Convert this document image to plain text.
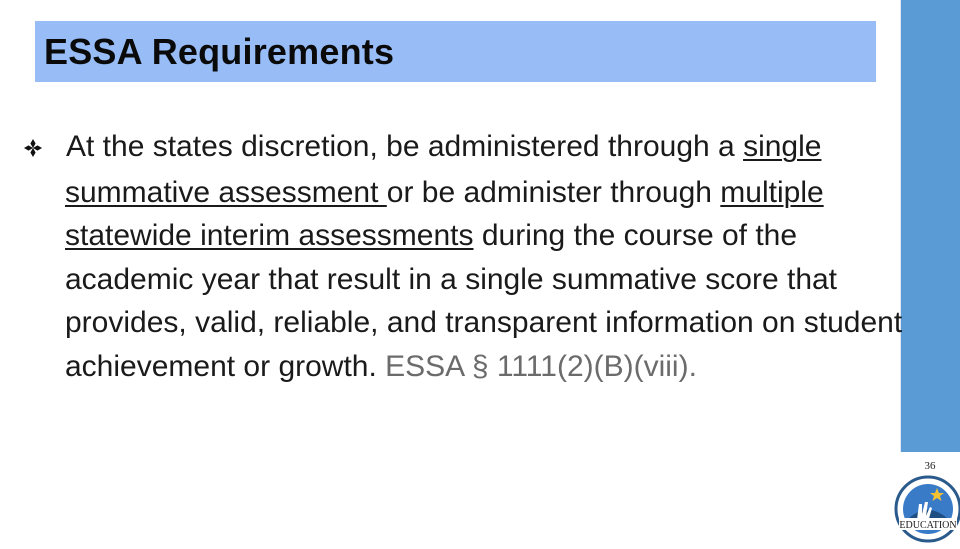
ESSA Requirements

At the states discretion, be administered through a single summative assessment or be administer through multiple statewide interim assessments during the course of the academic year that result in a single summative score that provides, valid, reliable, and transparent information on student achievement or growth. ESSA § 1111(2)(B)(viii).

36
EDUCATION
